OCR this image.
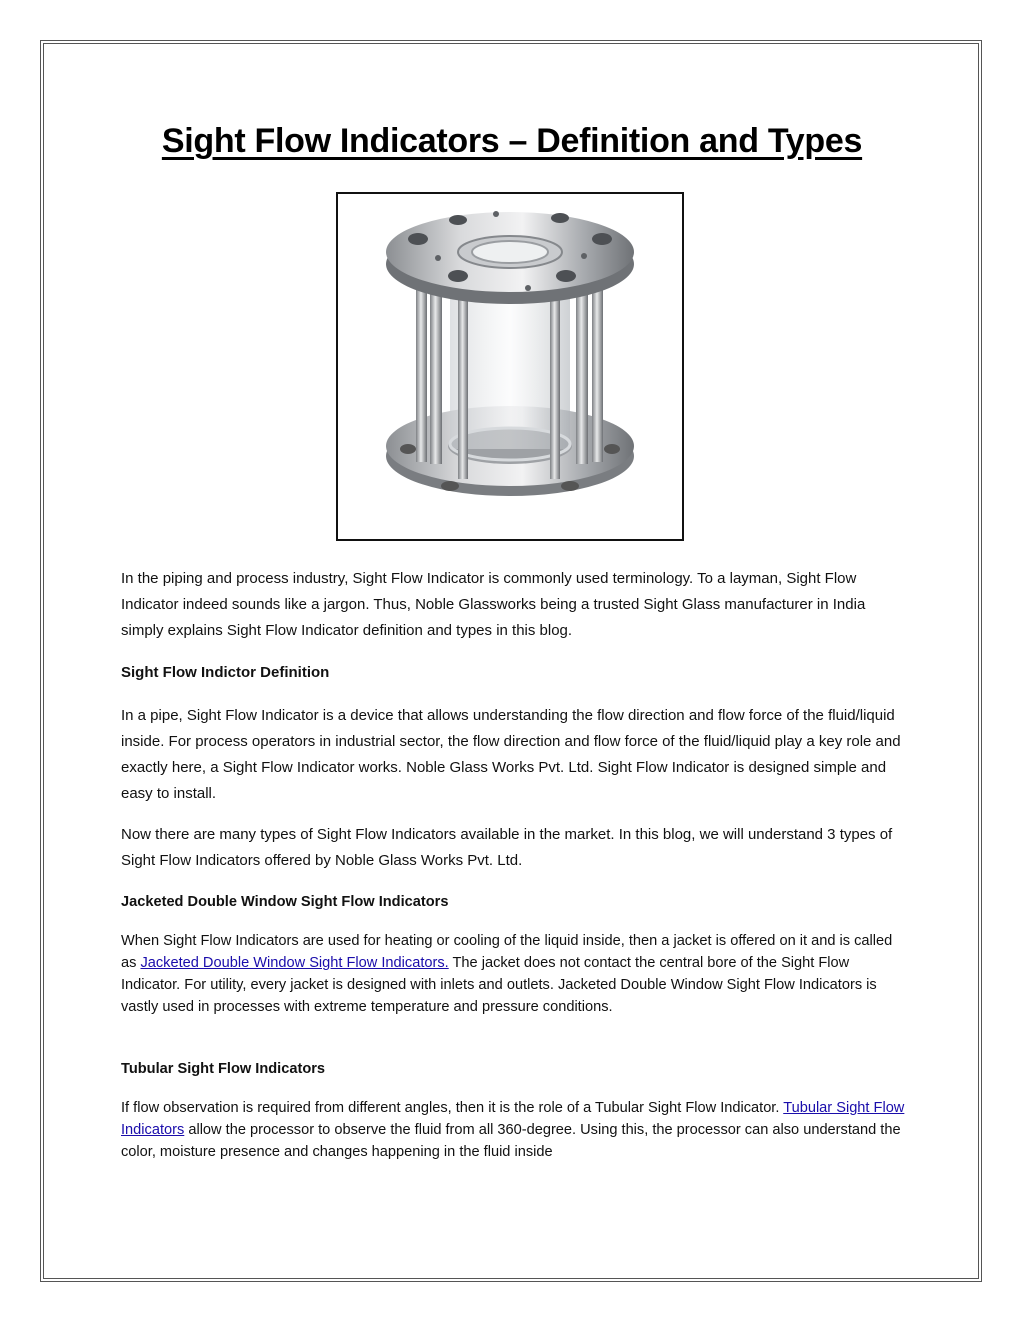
Sight Flow Indicators – Definition and Types

In the piping and process industry, Sight Flow Indicator is commonly used terminology. To a layman, Sight Flow Indicator indeed sounds like a jargon. Thus, Noble Glassworks being a trusted Sight Glass manufacturer in India simply explains Sight Flow Indicator definition and types in this blog.

Sight Flow Indictor Definition

In a pipe, Sight Flow Indicator is a device that allows understanding the flow direction and flow force of the fluid/liquid inside. For process operators in industrial sector, the flow direction and flow force of the fluid/liquid play a key role and exactly here, a Sight Flow Indicator works. Noble Glass Works Pvt. Ltd. Sight Flow Indicator is designed simple and easy to install.

Now there are many types of Sight Flow Indicators available in the market. In this blog, we will understand 3 types of Sight Flow Indicators offered by Noble Glass Works Pvt. Ltd.

Jacketed Double Window Sight Flow Indicators

When Sight Flow Indicators are used for heating or cooling of the liquid inside, then a jacket is offered on it and is called as Jacketed Double Window Sight Flow Indicators. The jacket does not contact the central bore of the Sight Flow Indicator. For utility, every jacket is designed with inlets and outlets. Jacketed Double Window Sight Flow Indicators is vastly used in processes with extreme temperature and pressure conditions.

Tubular Sight Flow Indicators

If flow observation is required from different angles, then it is the role of a Tubular Sight Flow Indicator. Tubular Sight Flow Indicators allow the processor to observe the fluid from all 360-degree. Using this, the processor can also understand the color, moisture presence and changes happening in the fluid inside
